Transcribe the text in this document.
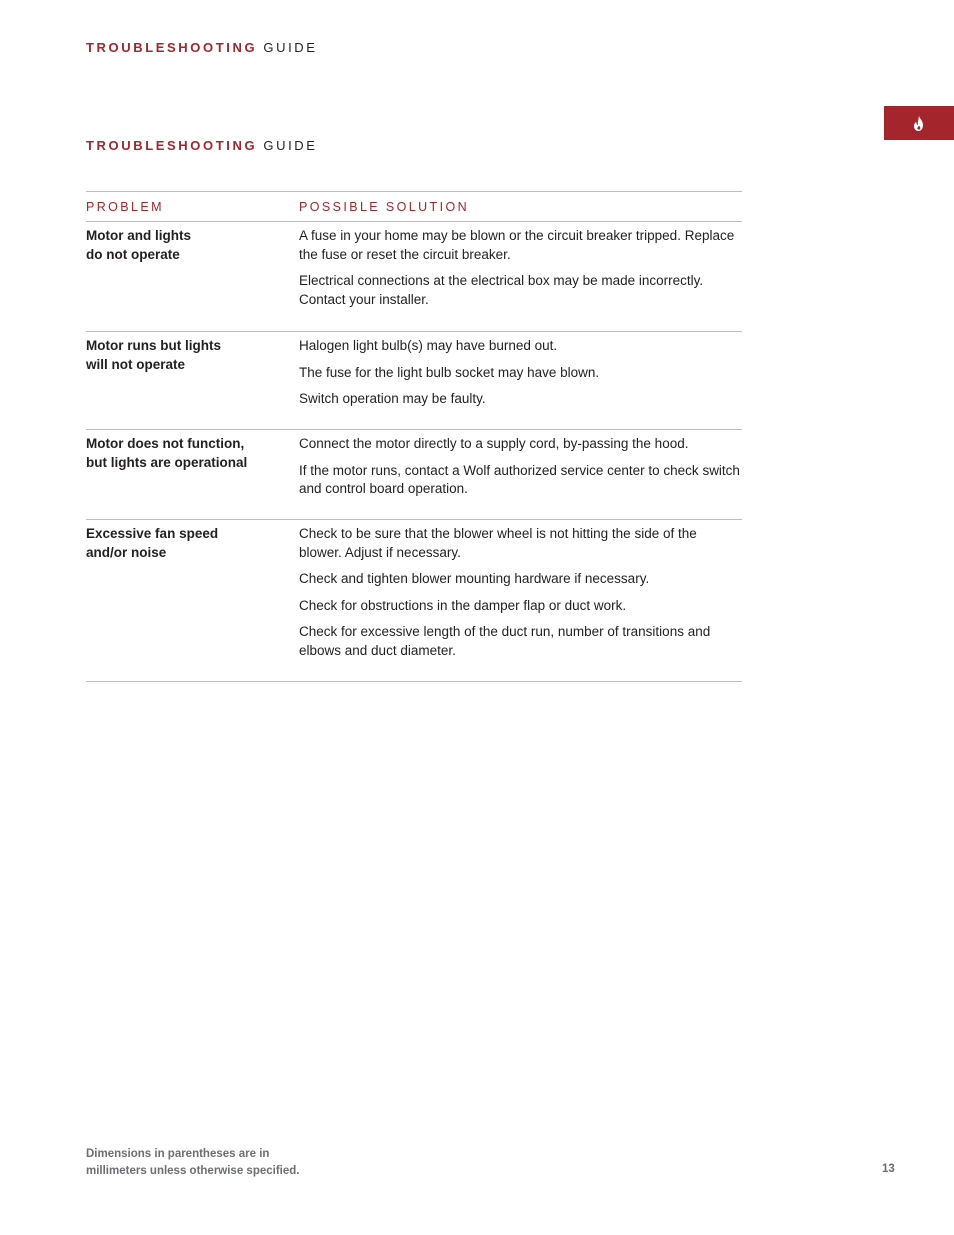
TROUBLESHOOTING GUIDE
TROUBLESHOOTING GUIDE
PROBLEM	POSSIBLE SOLUTION
Motor and lights
do not operate

A fuse in your home may be blown or the circuit breaker tripped. Replace the fuse or reset the circuit breaker.

Electrical connections at the electrical box may be made incorrectly. Contact your installer.

Motor runs but lights
will not operate

Halogen light bulb(s) may have burned out.

The fuse for the light bulb socket may have blown.

Switch operation may be faulty.

Motor does not function,
but lights are operational

Connect the motor directly to a supply cord, by-passing the hood.

If the motor runs, contact a Wolf authorized service center to check switch and control board operation.

Excessive fan speed
and/or noise

Check to be sure that the blower wheel is not hitting the side of the blower. Adjust if necessary.

Check and tighten blower mounting hardware if necessary.

Check for obstructions in the damper flap or duct work.

Check for excessive length of the duct run, number of transitions and elbows and duct diameter.

Dimensions in parentheses are in
millimeters unless otherwise specified.	13
